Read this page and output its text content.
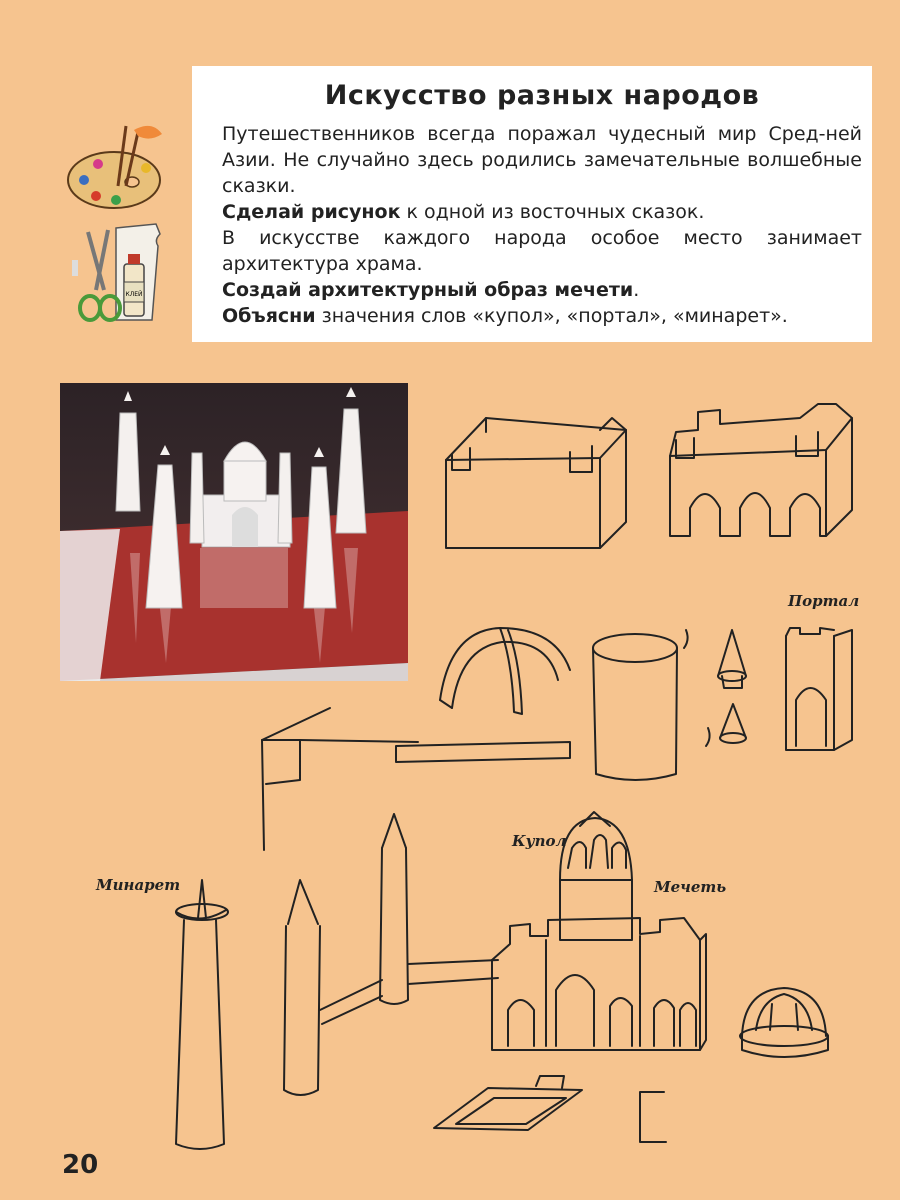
Искусство разных народов

Путешественников всегда поражал чудесный мир Сред-ней Азии. Не случайно здесь родились замечательные волшебные сказки.

Сделай рисунок к одной из восточных сказок.

В искусстве каждого народа особое место занимает архитектура храма.

Создай архитектурный образ мечети.

Объясни значения слов «купол», «портал», «минарет».

КЛЕЙ
Портал
Купол
Мечеть
Минарет
20
